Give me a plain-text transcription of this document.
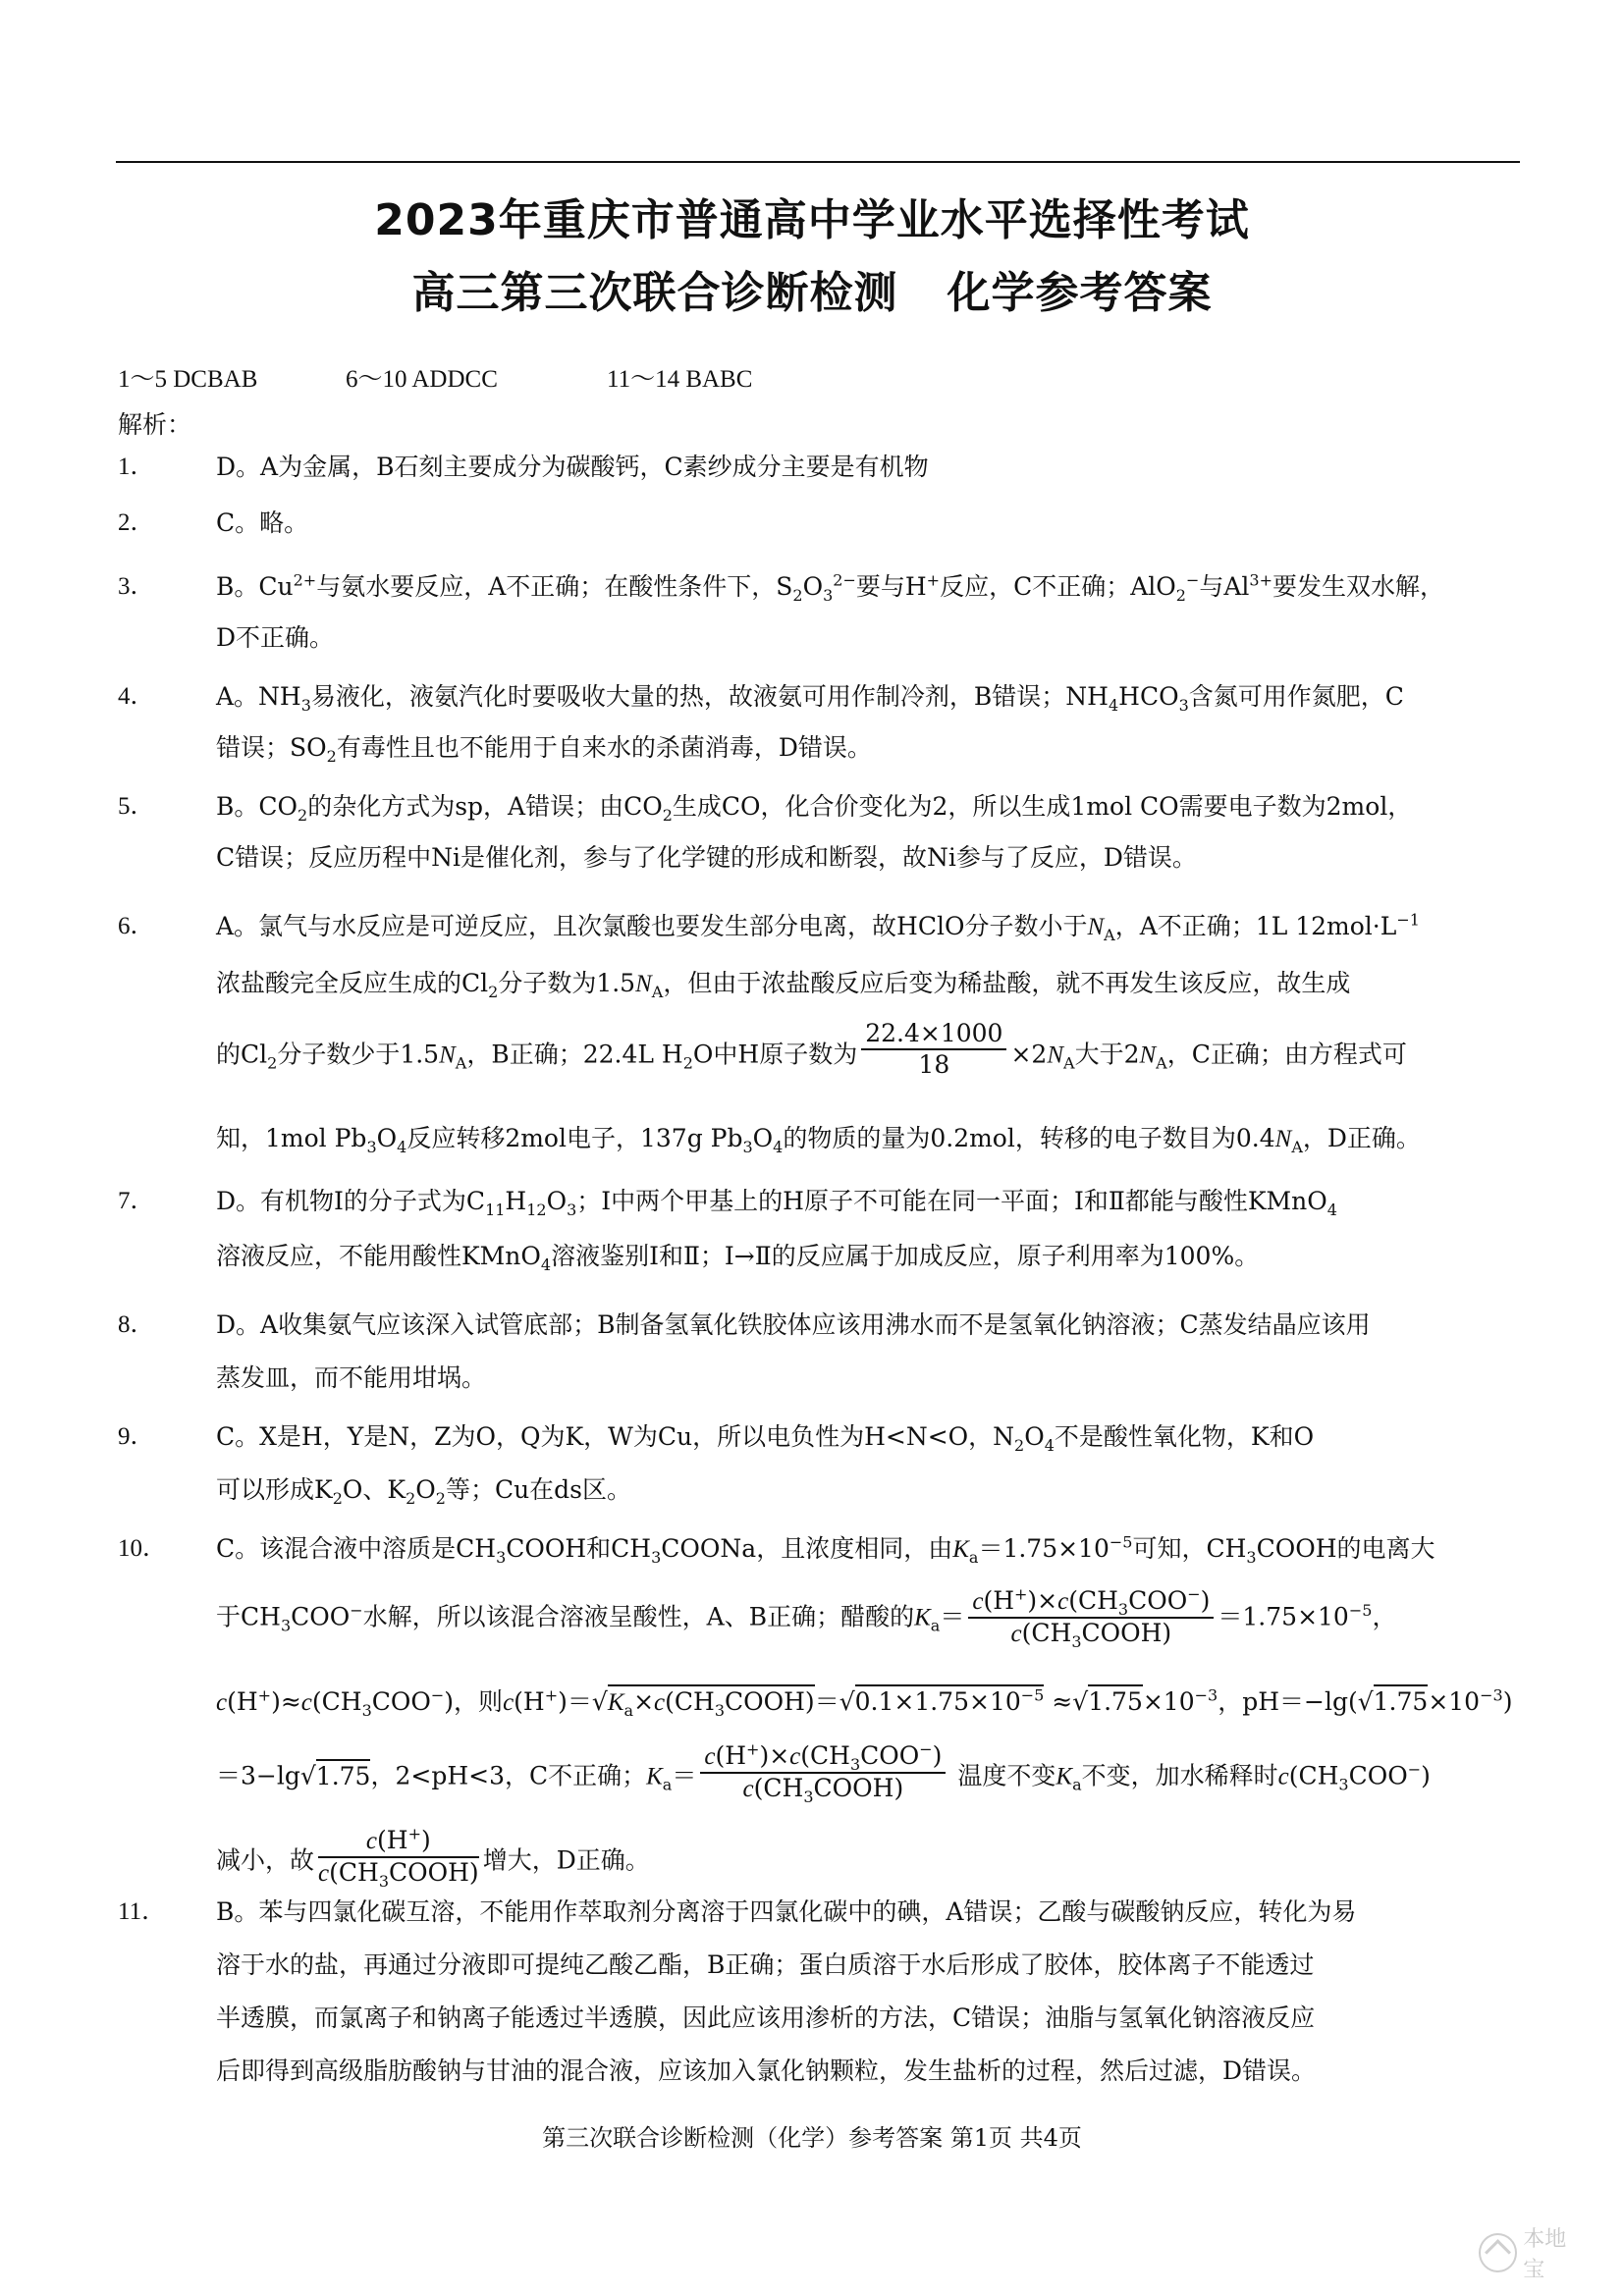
2023年重庆市普通高中学业水平选择性考试
高三第三次联合诊断检测 化学参考答案
1～5 DCBAB	6～10 ADDCC	11～14 BABC
解析：
1． D。A为金属，B石刻主要成分为碳酸钙，C素纱成分主要是有机物
2． C。略。
3． B。$Cu^{2+}$与氨水要反应，A不正确；在酸性条件下，$S_2O_3^{2-}$要与H+反应，C不正确；AlO$_2$−与$Al^{3+}$要发生双水解，
D不正确。
4． A。$NH_3$易液化，液氨汽化时要吸收大量的热，故液氨可用作制冷剂，B错误；$NH_4HCO_3$含氮可用作氮肥，C
错误；$SO_2$有毒性且也不能用于自来水的杀菌消毒，D错误。
5． B。$CO_2$的杂化方式为sp，A错误；由$CO_2$生成CO，化合价变化为2，所以生成1mol CO需要电子数为2mol，
C错误；反应历程中Ni是催化剂，参与了化学键的形成和断裂，故Ni参与了反应，D错误。
6． A。氯气与水反应是可逆反应，且次氯酸也要发生部分电离，故HClO分子数小于$N_A$，A不正确；1L $12mol\cdot L^{-1}$
浓盐酸完全反应生成的$Cl_2$分子数为$1.5N_A$，但由于浓盐酸反应后变为稀盐酸，就不再发生该反应，故生成
的$Cl_2$分子数少于$1.5N_A$，B正确；22.4L $H_2O$中H原子数为 $\frac{22.4\times 1000}{18} \times 2N_A$大于$2N_A$，C正确；由方程式可
知，1mol $Pb_3O_4$反应转移2mol电子，137g $Pb_3O_4$的物质的量为0.2mol，转移的电子数目为$0.4N_A$，D正确。
7． D。有机物Ⅰ的分子式为$C_{11}H_{12}O_3$；Ⅰ中两个甲基上的H原子不可能在同一平面；Ⅰ和Ⅱ都能与酸性KMnO$_4$
溶液反应，不能用酸性KMnO$_4$溶液鉴别Ⅰ和Ⅱ；Ⅰ→Ⅱ的反应属于加成反应，原子利用率为100%。
8． D。A收集氨气应该深入试管底部；B制备氢氧化铁胶体应该用沸水而不是氢氧化钠溶液；C蒸发结晶应该用
蒸发皿，而不能用坩埚。
9． C。X是H，Y是N，Z为O，Q为K，W为Cu，所以电负性为H<N<O，$N_2O_4$不是酸性氧化物，K和O
可以形成$K_2O$、$K_2O_2$等；Cu在ds区。
10． C。该混合液中溶质是$CH_3COOH$和$CH_3COONa$，且浓度相同，由$K_a=1.75\times 10^{-5}$可知，$CH_3COOH$的电离大
于$CH_3COO^-$水解，所以该混合溶液呈酸性，A、B正确；醋酸的$K_a=$
$c(H^+)\times c(CH_3COO^-)$
$c(CH_3COOH)$
$=1.75\times 10^{-5}$，
$c(H^+)\approx c(CH_3COO^-)$，则$c(H^+)=√K_a\times c(CH_3COOH)=√0.1\times 1.75\times 10^{-5} \approx√1.75\times 10^{-3}$，$pH=-\lg(√1.75\times 10^{-3})$
＝3−lg√1.75，2<pH<3，C不正确；$K_a=$
$c(H^+)\times c(CH_3COO^-)$
$c(CH_3COOH)$	温度不变$K_a$不变，加水稀释时$c(CH_3COO^-)$
减小，故
c(H+)
$c(CH_3COOH)$ 增大，D正确。
11． B。苯与四氯化碳互溶，不能用作萃取剂分离溶于四氯化碳中的碘，A错误；乙酸与碳酸钠反应，转化为易
溶于水的盐，再通过分液即可提纯乙酸乙酯，B正确；蛋白质溶于水后形成了胶体，胶体离子不能透过
半透膜，而氯离子和钠离子能透过半透膜，因此应该用渗析的方法，C错误；油脂与氢氧化钠溶液反应
后即得到高级脂肪酸钠与甘油的混合液，应该加入氯化钠颗粒，发生盐析的过程，然后过滤，D错误。
第三次联合诊断检测（化学）参考答案 第1页 共4页
本地宝
